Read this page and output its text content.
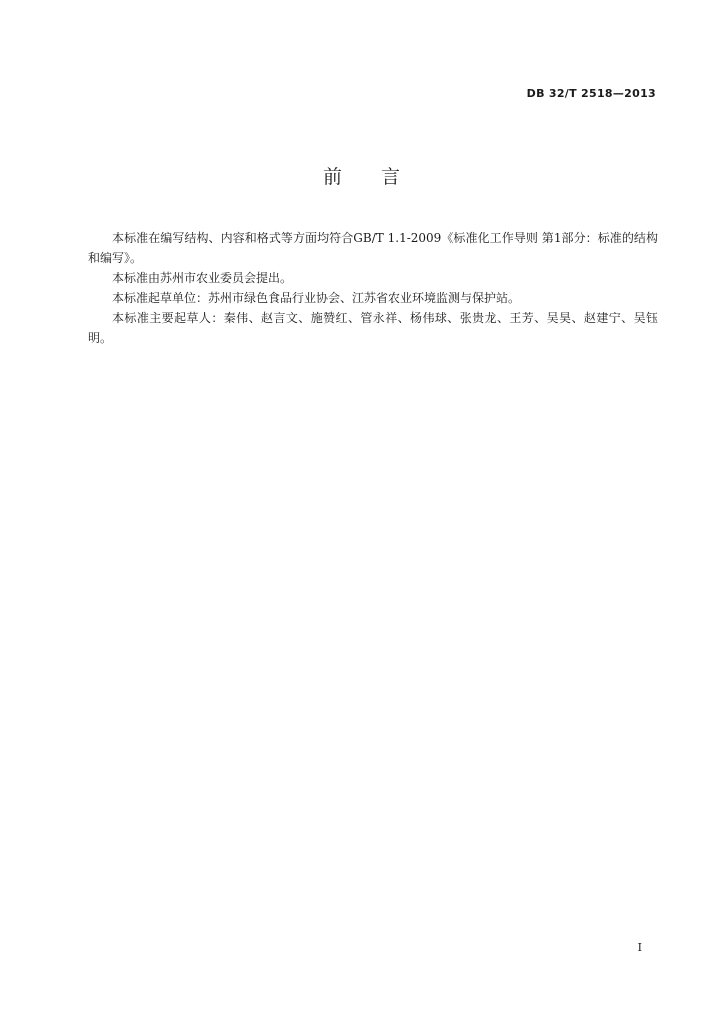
DB 32/T 2518—2013
前 言

本标准在编写结构、内容和格式等方面均符合GB/T 1.1-2009《标准化工作导则 第1部分：标准的结构和编写》。

本标准由苏州市农业委员会提出。

本标准起草单位：苏州市绿色食品行业协会、江苏省农业环境监测与保护站。

本标准主要起草人：秦伟、赵言文、施赞红、管永祥、杨伟球、张贵龙、王芳、吴昊、赵建宁、吴钰明。

I
